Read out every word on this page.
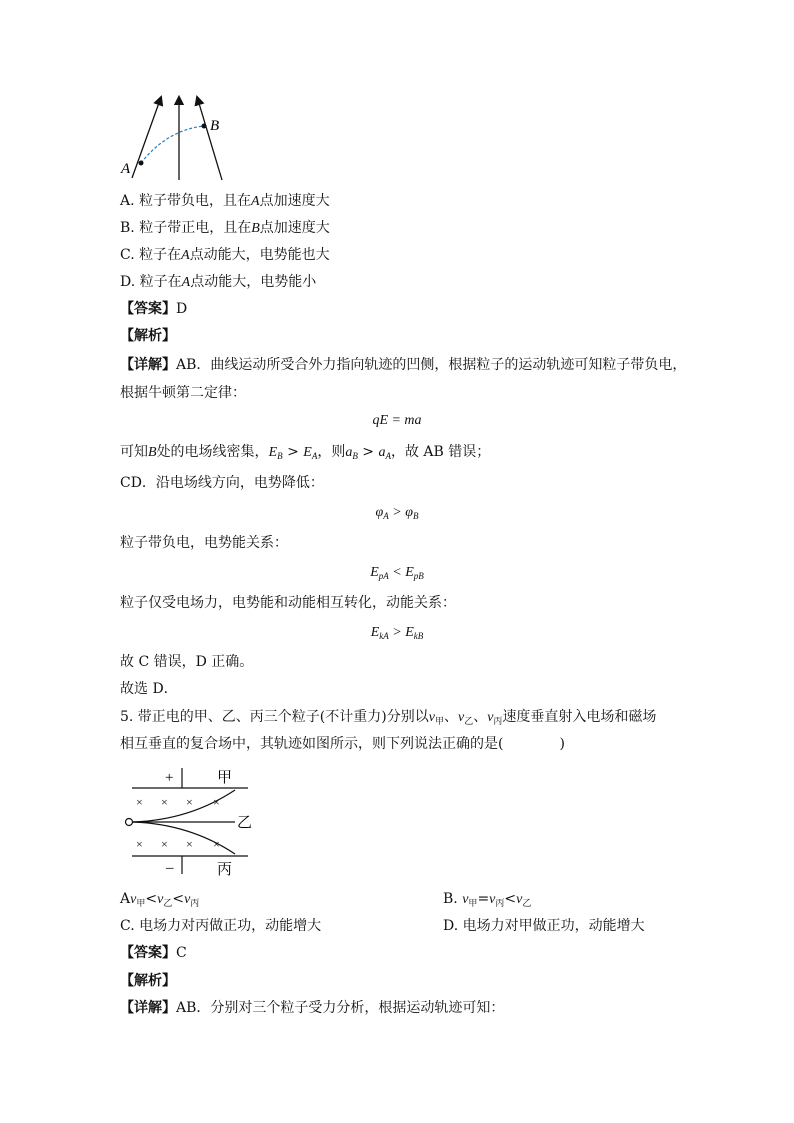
A
B
A. 粒子带负电，且在A点加速度大
B. 粒子带正电，且在B点加速度大
C. 粒子在A点动能大，电势能也大
D. 粒子在A点动能大，电势能小
【答案】D
【解析】
【详解】AB．曲线运动所受合外力指向轨迹的凹侧，根据粒子的运动轨迹可知粒子带负电，
根据牛顿第二定律：
qE = ma
可知B处的电场线密集，$E_B > E_A$，则$a_B > a_A$，故 AB 错误；
CD．沿电场线方向，电势降低：
$\varphi_A > \varphi_B$
粒子带负电，电势能关系：
$E_{pA} < E_{pB}$
粒子仅受电场力，电势能和动能相互转化，动能关系：
$E_{kA} > E_{kB}$
故 C 错误，D 正确。
故选 D．
5. 带正电的甲、乙、丙三个粒子(不计重力)分别以$v_甲$、$v_乙$、$v_丙$速度垂直射入电场和磁场
相互垂直的复合场中，其轨迹如图所示，则下列说法正确的是(　　　　)
+
–
× × × ×
× × × ×
甲
乙
丙
$Av_甲<v_乙<v_丙$	B. $v_甲=v_丙<v_乙$
C. 电场力对丙做正功，动能增大	D. 电场力对甲做正功，动能增大
【答案】C
【解析】
【详解】AB．分别对三个粒子受力分析，根据运动轨迹可知：
